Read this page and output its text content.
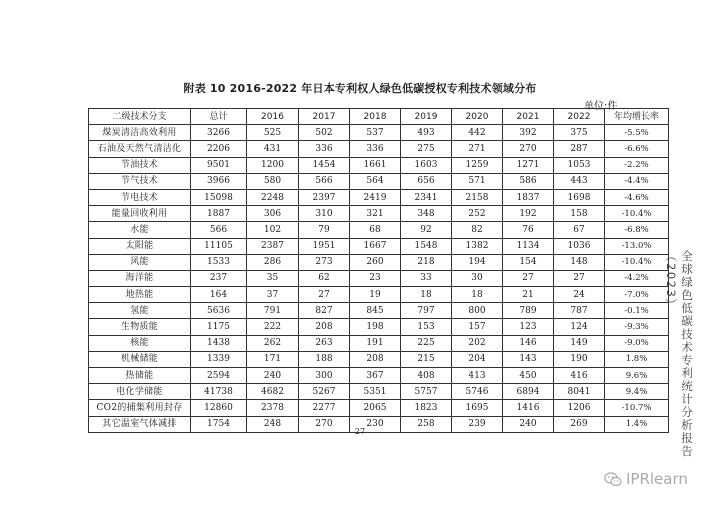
附表 10 2016-2022 年日本专利权人绿色低碳授权专利技术领域分布
单位:件
二级技术分支	总计	2016	2017	2018	2019	2020	2021	2022	年均增长率
煤炭清洁高效利用	3266	525	502	537	493	442	392	375	-5.5%
石油及天然气清洁化	2206	431	336	336	275	271	270	287	-6.6%
节油技术	9501	1200	1454	1661	1603	1259	1271	1053	-2.2%
节气技术	3966	580	566	564	656	571	586	443	-4.4%
节电技术	15098	2248	2397	2419	2341	2158	1837	1698	-4.6%
能量回收利用	1887	306	310	321	348	252	192	158	-10.4%
水能	566	102	79	68	92	82	76	67	-6.8%
太阳能	11105	2387	1951	1667	1548	1382	1134	1036	-13.0%
风能	1533	286	273	260	218	194	154	148	-10.4%
海洋能	237	35	62	23	33	30	27	27	-4.2%
地热能	164	37	27	19	18	18	21	24	-7.0%
氢能	5636	791	827	845	797	800	789	787	-0.1%
生物质能	1175	222	208	198	153	157	123	124	-9.3%
核能	1438	262	263	191	225	202	146	149	-9.0%
机械储能	1339	171	188	208	215	204	143	190	1.8%
热储能	2594	240	300	367	408	413	450	416	9.6%
电化学储能	41738	4682	5267	5351	5757	5746	6894	8041	9.4%
CO2的捕集利用封存	12860	2378	2277	2065	1823	1695	1416	1206	-10.7%
其它温室气体减排	1754	248	270	230	258	239	240	269	1.4%
27	全球绿色低碳技术专利统计分析报告（2023）
IPRlearn
